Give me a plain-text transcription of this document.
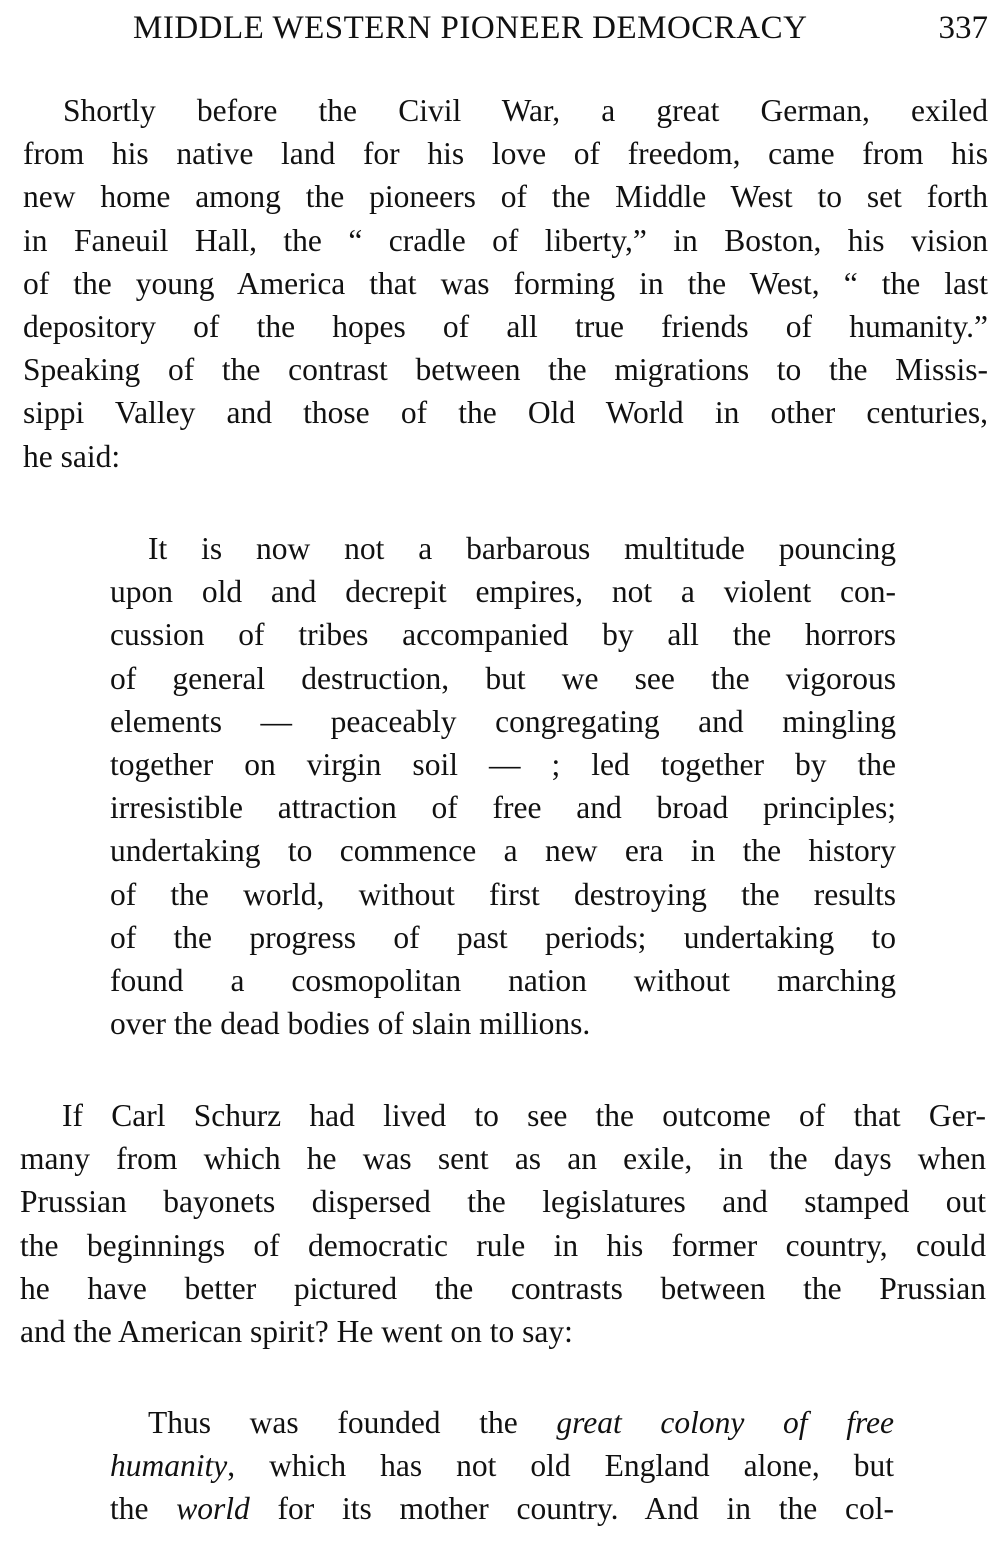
MIDDLE WESTERN PIONEER DEMOCRACY	337
Shortly before the Civil War, a great German, exiled
from his native land for his love of freedom, came from his
new home among the pioneers of the Middle West to set forth
in Faneuil Hall, the “ cradle of liberty,” in Boston, his vision
of the young America that was forming in the West, “ the last
depository of the hopes of all true friends of humanity.”
Speaking of the contrast between the migrations to the Missis-
sippi Valley and those of the Old World in other centuries,
he said:
It is now not a barbarous multitude pouncing
upon old and decrepit empires, not a violent con-
cussion of tribes accompanied by all the horrors
of general destruction, but we see the vigorous
elements — peaceably congregating and mingling
together on virgin soil — ; led together by the
irresistible attraction of free and broad principles;
undertaking to commence a new era in the history
of the world, without first destroying the results
of the progress of past periods; undertaking to
found a cosmopolitan nation without marching
over the dead bodies of slain millions.
If Carl Schurz had lived to see the outcome of that Ger-
many from which he was sent as an exile, in the days when
Prussian bayonets dispersed the legislatures and stamped out
the beginnings of democratic rule in his former country, could
he have better pictured the contrasts between the Prussian
and the American spirit? He went on to say:
Thus was founded the great colony of free
humanity, which has not old England alone, but
the world for its mother country. And in the col-
